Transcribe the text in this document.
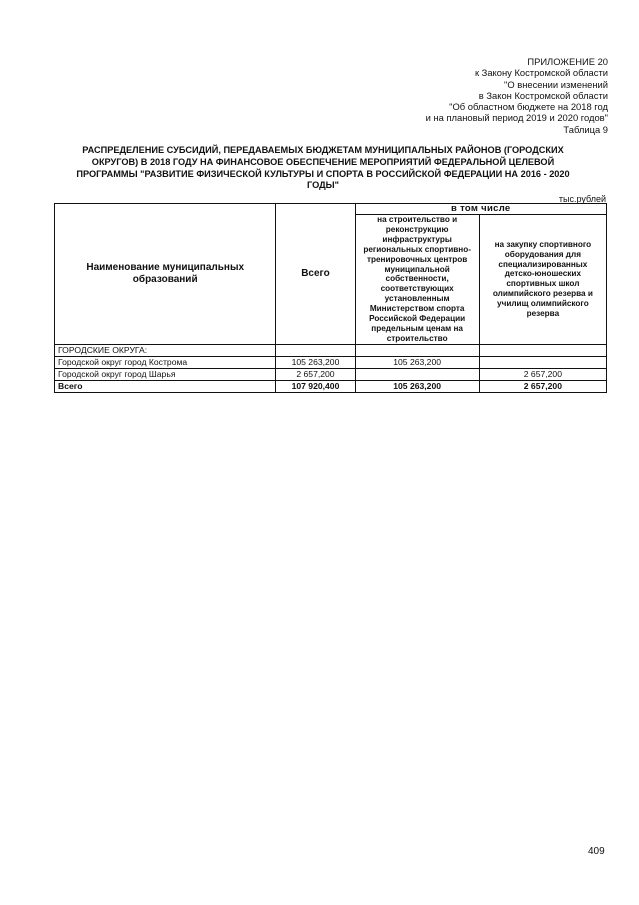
ПРИЛОЖЕНИЕ 20
к Закону Костромской области
"О внесении изменений
в Закон Костромской области
"Об областном бюджете на 2018 год
и на плановый период 2019 и 2020 годов"
Таблица 9
РАСПРЕДЕЛЕНИЕ СУБСИДИЙ, ПЕРЕДАВАЕМЫХ БЮДЖЕТАМ МУНИЦИПАЛЬНЫХ РАЙОНОВ (ГОРОДСКИХ
ОКРУГОВ) В 2018 ГОДУ НА ФИНАНСОВОЕ ОБЕСПЕЧЕНИЕ МЕРОПРИЯТИЙ ФЕДЕРАЛЬНОЙ ЦЕЛЕВОЙ
ПРОГРАММЫ "РАЗВИТИЕ ФИЗИЧЕСКОЙ КУЛЬТУРЫ И СПОРТА В РОССИЙСКОЙ ФЕДЕРАЦИИ НА 2016 - 2020
ГОДЫ"
тыс.рублей
Наименование муниципальных образований	Всего	в том числе	
		на строительство и реконструкцию инфраструктуры региональных спортивно-тренировочных центров муниципальной собственности, соответствующих установленным Министерством спорта Российской Федерации предельным ценам на строительство	на закупку спортивного оборудования для специализированных детско-юношеских спортивных школ олимпийского резерва и училищ олимпийского резерва
ГОРОДСКИЕ ОКРУГА:			
Городской округ город Кострома	105 263,200	105 263,200	
Городской округ город Шарья	2 657,200		2 657,200
Всего	107 920,400	105 263,200	2 657,200
409
